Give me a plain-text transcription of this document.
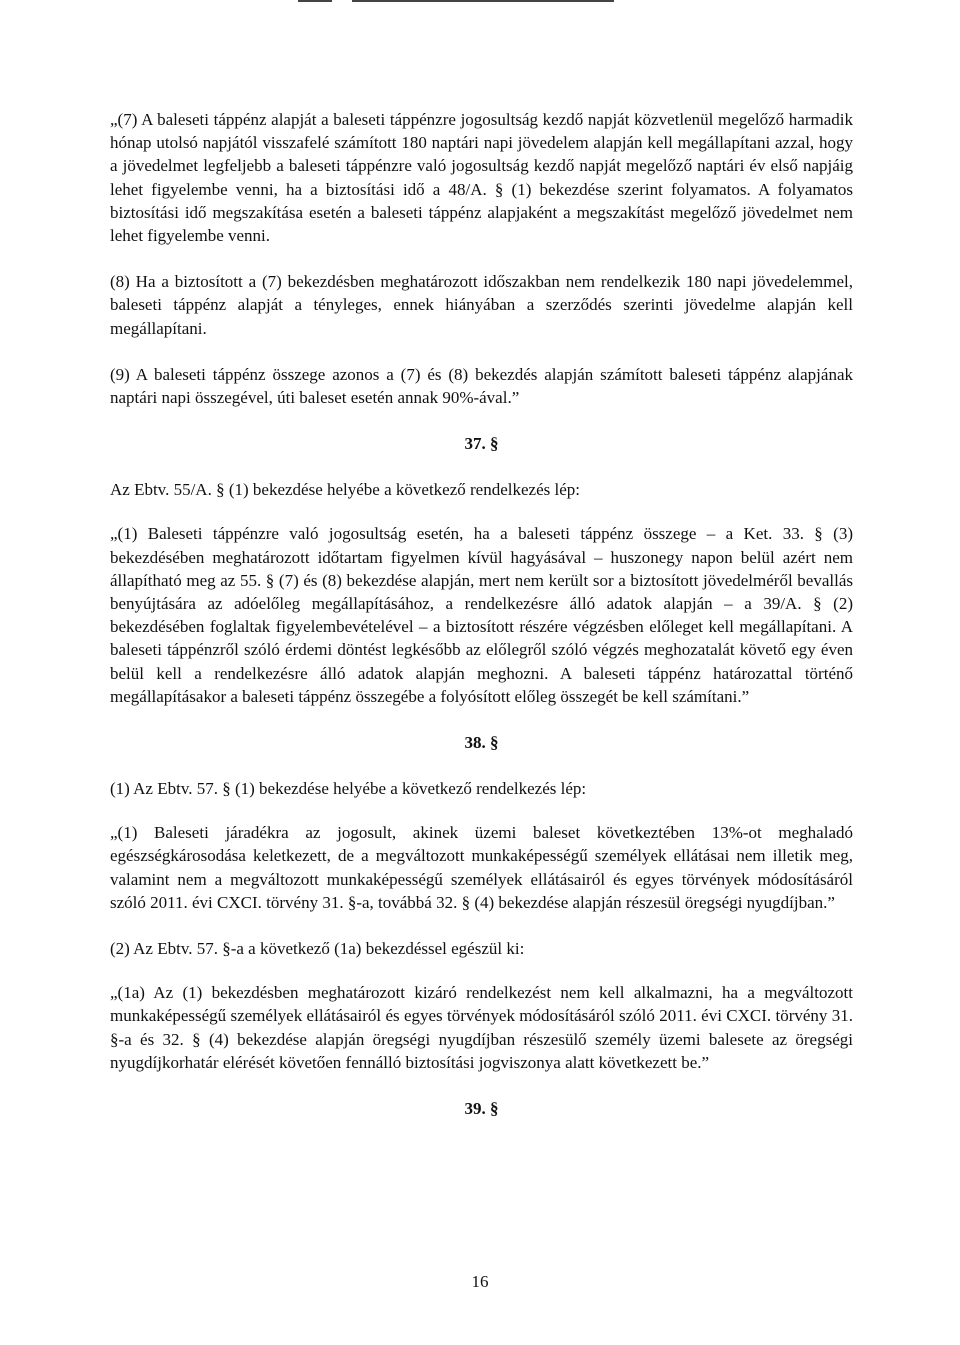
„(7) A baleseti táppénz alapját a baleseti táppénzre jogosultság kezdő napját közvetlenül megelőző harmadik hónap utolsó napjától visszafelé számított 180 naptári napi jövedelem alapján kell megállapítani azzal, hogy a jövedelmet legfeljebb a baleseti táppénzre való jogosultság kezdő napját megelőző naptári év első napjáig lehet figyelembe venni, ha a biztosítási idő a 48/A. § (1) bekezdése szerint folyamatos. A folyamatos biztosítási idő megszakítása esetén a baleseti táppénz alapjaként a megszakítást megelőző jövedelmet nem lehet figyelembe venni.

(8) Ha a biztosított a (7) bekezdésben meghatározott időszakban nem rendelkezik 180 napi jövedelemmel, baleseti táppénz alapját a tényleges, ennek hiányában a szerződés szerinti jövedelme alapján kell megállapítani.

(9) A baleseti táppénz összege azonos a (7) és (8) bekezdés alapján számított baleseti táppénz alapjának naptári napi összegével, úti baleset esetén annak 90%-ával.”

37. §

Az Ebtv. 55/A. § (1) bekezdése helyébe a következő rendelkezés lép:

„(1) Baleseti táppénzre való jogosultság esetén, ha a baleseti táppénz összege – a Ket. 33. § (3) bekezdésében meghatározott időtartam figyelmen kívül hagyásával – huszonegy napon belül azért nem állapítható meg az 55. § (7) és (8) bekezdése alapján, mert nem került sor a biztosított jövedelméről bevallás benyújtására az adóelőleg megállapításához, a rendelkezésre álló adatok alapján – a 39/A. § (2) bekezdésében foglaltak figyelembevételével – a biztosított részére végzésben előleget kell megállapítani. A baleseti táppénzről szóló érdemi döntést legkésőbb az előlegről szóló végzés meghozatalát követő egy éven belül kell a rendelkezésre álló adatok alapján meghozni. A baleseti táppénz határozattal történő megállapításakor a baleseti táppénz összegébe a folyósított előleg összegét be kell számítani.”

38. §

(1) Az Ebtv. 57. § (1) bekezdése helyébe a következő rendelkezés lép:

„(1) Baleseti járadékra az jogosult, akinek üzemi baleset következtében 13%-ot meghaladó egészségkárosodása keletkezett, de a megváltozott munkaképességű személyek ellátásai nem illetik meg, valamint nem a megváltozott munkaképességű személyek ellátásairól és egyes törvények módosításáról szóló 2011. évi CXCI. törvény 31. §-a, továbbá 32. § (4) bekezdése alapján részesül öregségi nyugdíjban.”

(2) Az Ebtv. 57. §-a a következő (1a) bekezdéssel egészül ki:

„(1a) Az (1) bekezdésben meghatározott kizáró rendelkezést nem kell alkalmazni, ha a megváltozott munkaképességű személyek ellátásairól és egyes törvények módosításáról szóló 2011. évi CXCI. törvény 31. §-a és 32. § (4) bekezdése alapján öregségi nyugdíjban részesülő személy üzemi balesete az öregségi nyugdíjkorhatár elérését követően fennálló biztosítási jogviszonya alatt következett be.”

39. §

16
